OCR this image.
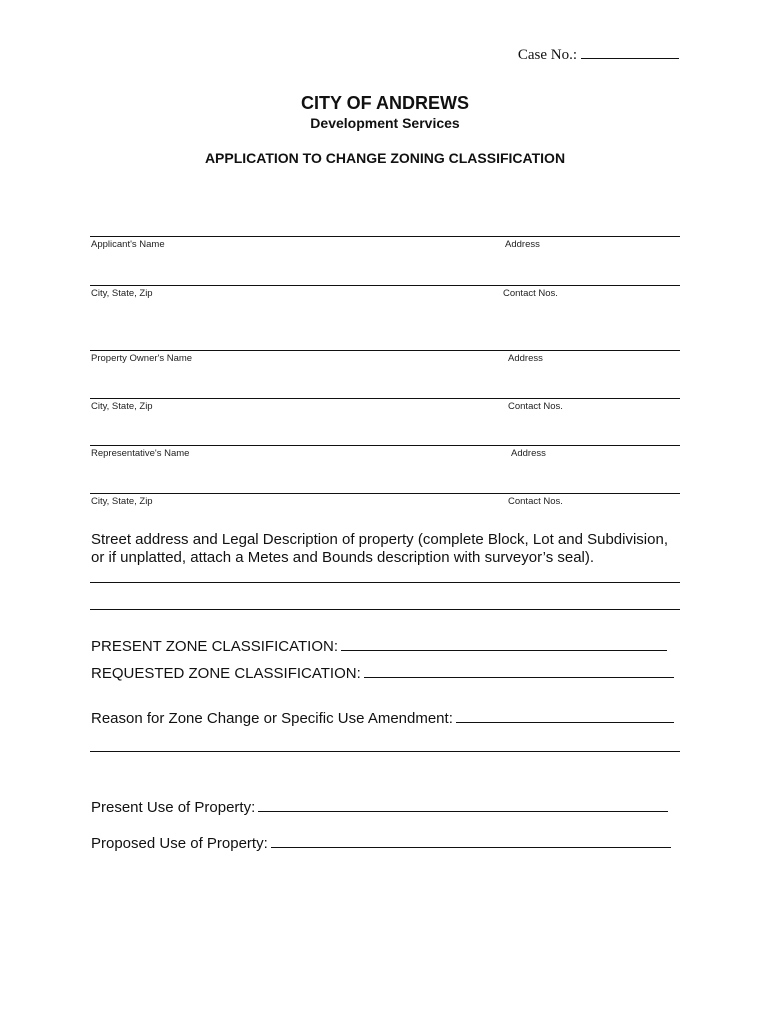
Case No.:
CITY OF ANDREWS
Development Services
APPLICATION TO CHANGE ZONING CLASSIFICATION
Applicant's Name	Address
City, State, Zip	Contact Nos.
Property Owner's Name	Address
City, State, Zip	Contact Nos.
Representative's Name	Address
City, State, Zip	Contact Nos.
Street address and Legal Description of property (complete Block, Lot and Subdivision,
or if unplatted, attach a Metes and Bounds description with surveyor’s seal).
PRESENT ZONE CLASSIFICATION:
REQUESTED ZONE CLASSIFICATION:
Reason for Zone Change or Specific Use Amendment:
Present Use of Property:
Proposed Use of Property:
